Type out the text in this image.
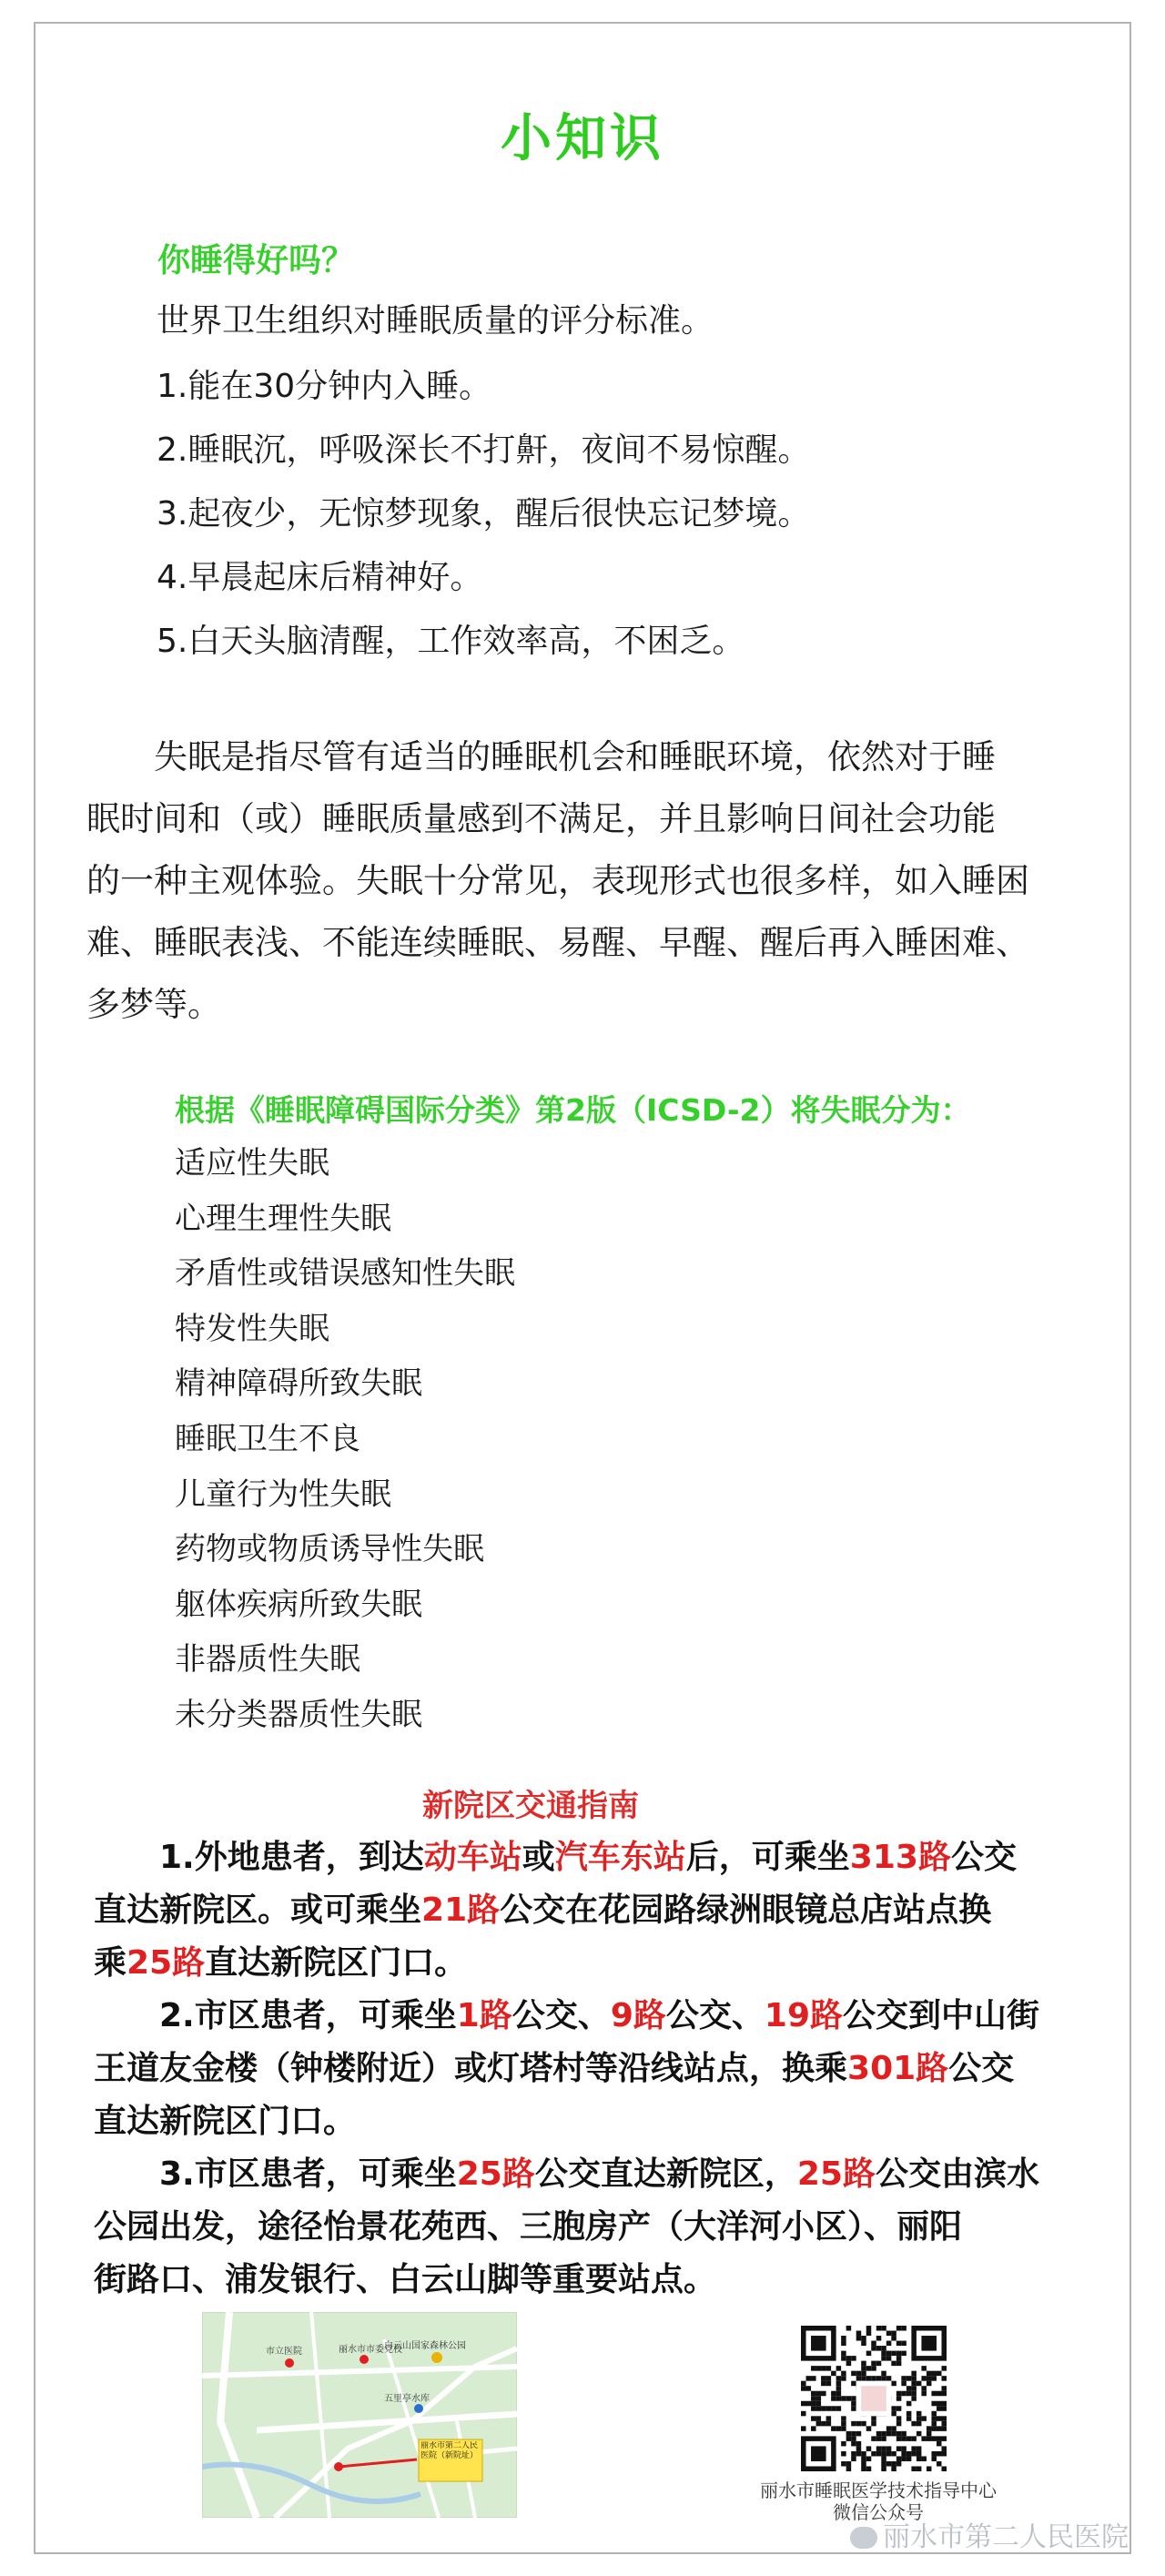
小知识
你睡得好吗？
世界卫生组织对睡眠质量的评分标准。
1.能在30分钟内入睡。
2.睡眠沉，呼吸深长不打鼾，夜间不易惊醒。
3.起夜少，无惊梦现象，醒后很快忘记梦境。
4.早晨起床后精神好。
5.白天头脑清醒，工作效率高，不困乏。
　　失眠是指尽管有适当的睡眠机会和睡眠环境，依然对于睡
眠时间和（或）睡眠质量感到不满足，并且影响日间社会功能
的一种主观体验。失眠十分常见，表现形式也很多样，如入睡困
难、睡眠表浅、不能连续睡眠、易醒、早醒、醒后再入睡困难、
多梦等。
根据《睡眠障碍国际分类》第2版（ICSD-2）将失眠分为：
适应性失眠
心理生理性失眠
矛盾性或错误感知性失眠
特发性失眠
精神障碍所致失眠
睡眠卫生不良
儿童行为性失眠
药物或物质诱导性失眠
躯体疾病所致失眠
非器质性失眠
未分类器质性失眠
新院区交通指南
　　1.外地患者，到达动车站或汽车东站后，可乘坐313路公交
直达新院区。或可乘坐21路公交在花园路绿洲眼镜总店站点换
乘25路直达新院区门口。
　　2.市区患者，可乘坐1路公交、9路公交、19路公交到中山街
王道友金楼（钟楼附近）或灯塔村等沿线站点，换乘301路公交
直达新院区门口。
　　3.市区患者，可乘坐25路公交直达新院区，25路公交由滨水
公园出发，途径怡景花苑西、三胞房产（大洋河小区）、丽阳
街路口、浦发银行、白云山脚等重要站点。
市立医院	丽水市市委党校
白云山国家森林公园
五里亭水库
丽水市第二人民医院（新院址）
丽水市睡眠医学技术指导中心
微信公众号
丽水市第二人民医院
